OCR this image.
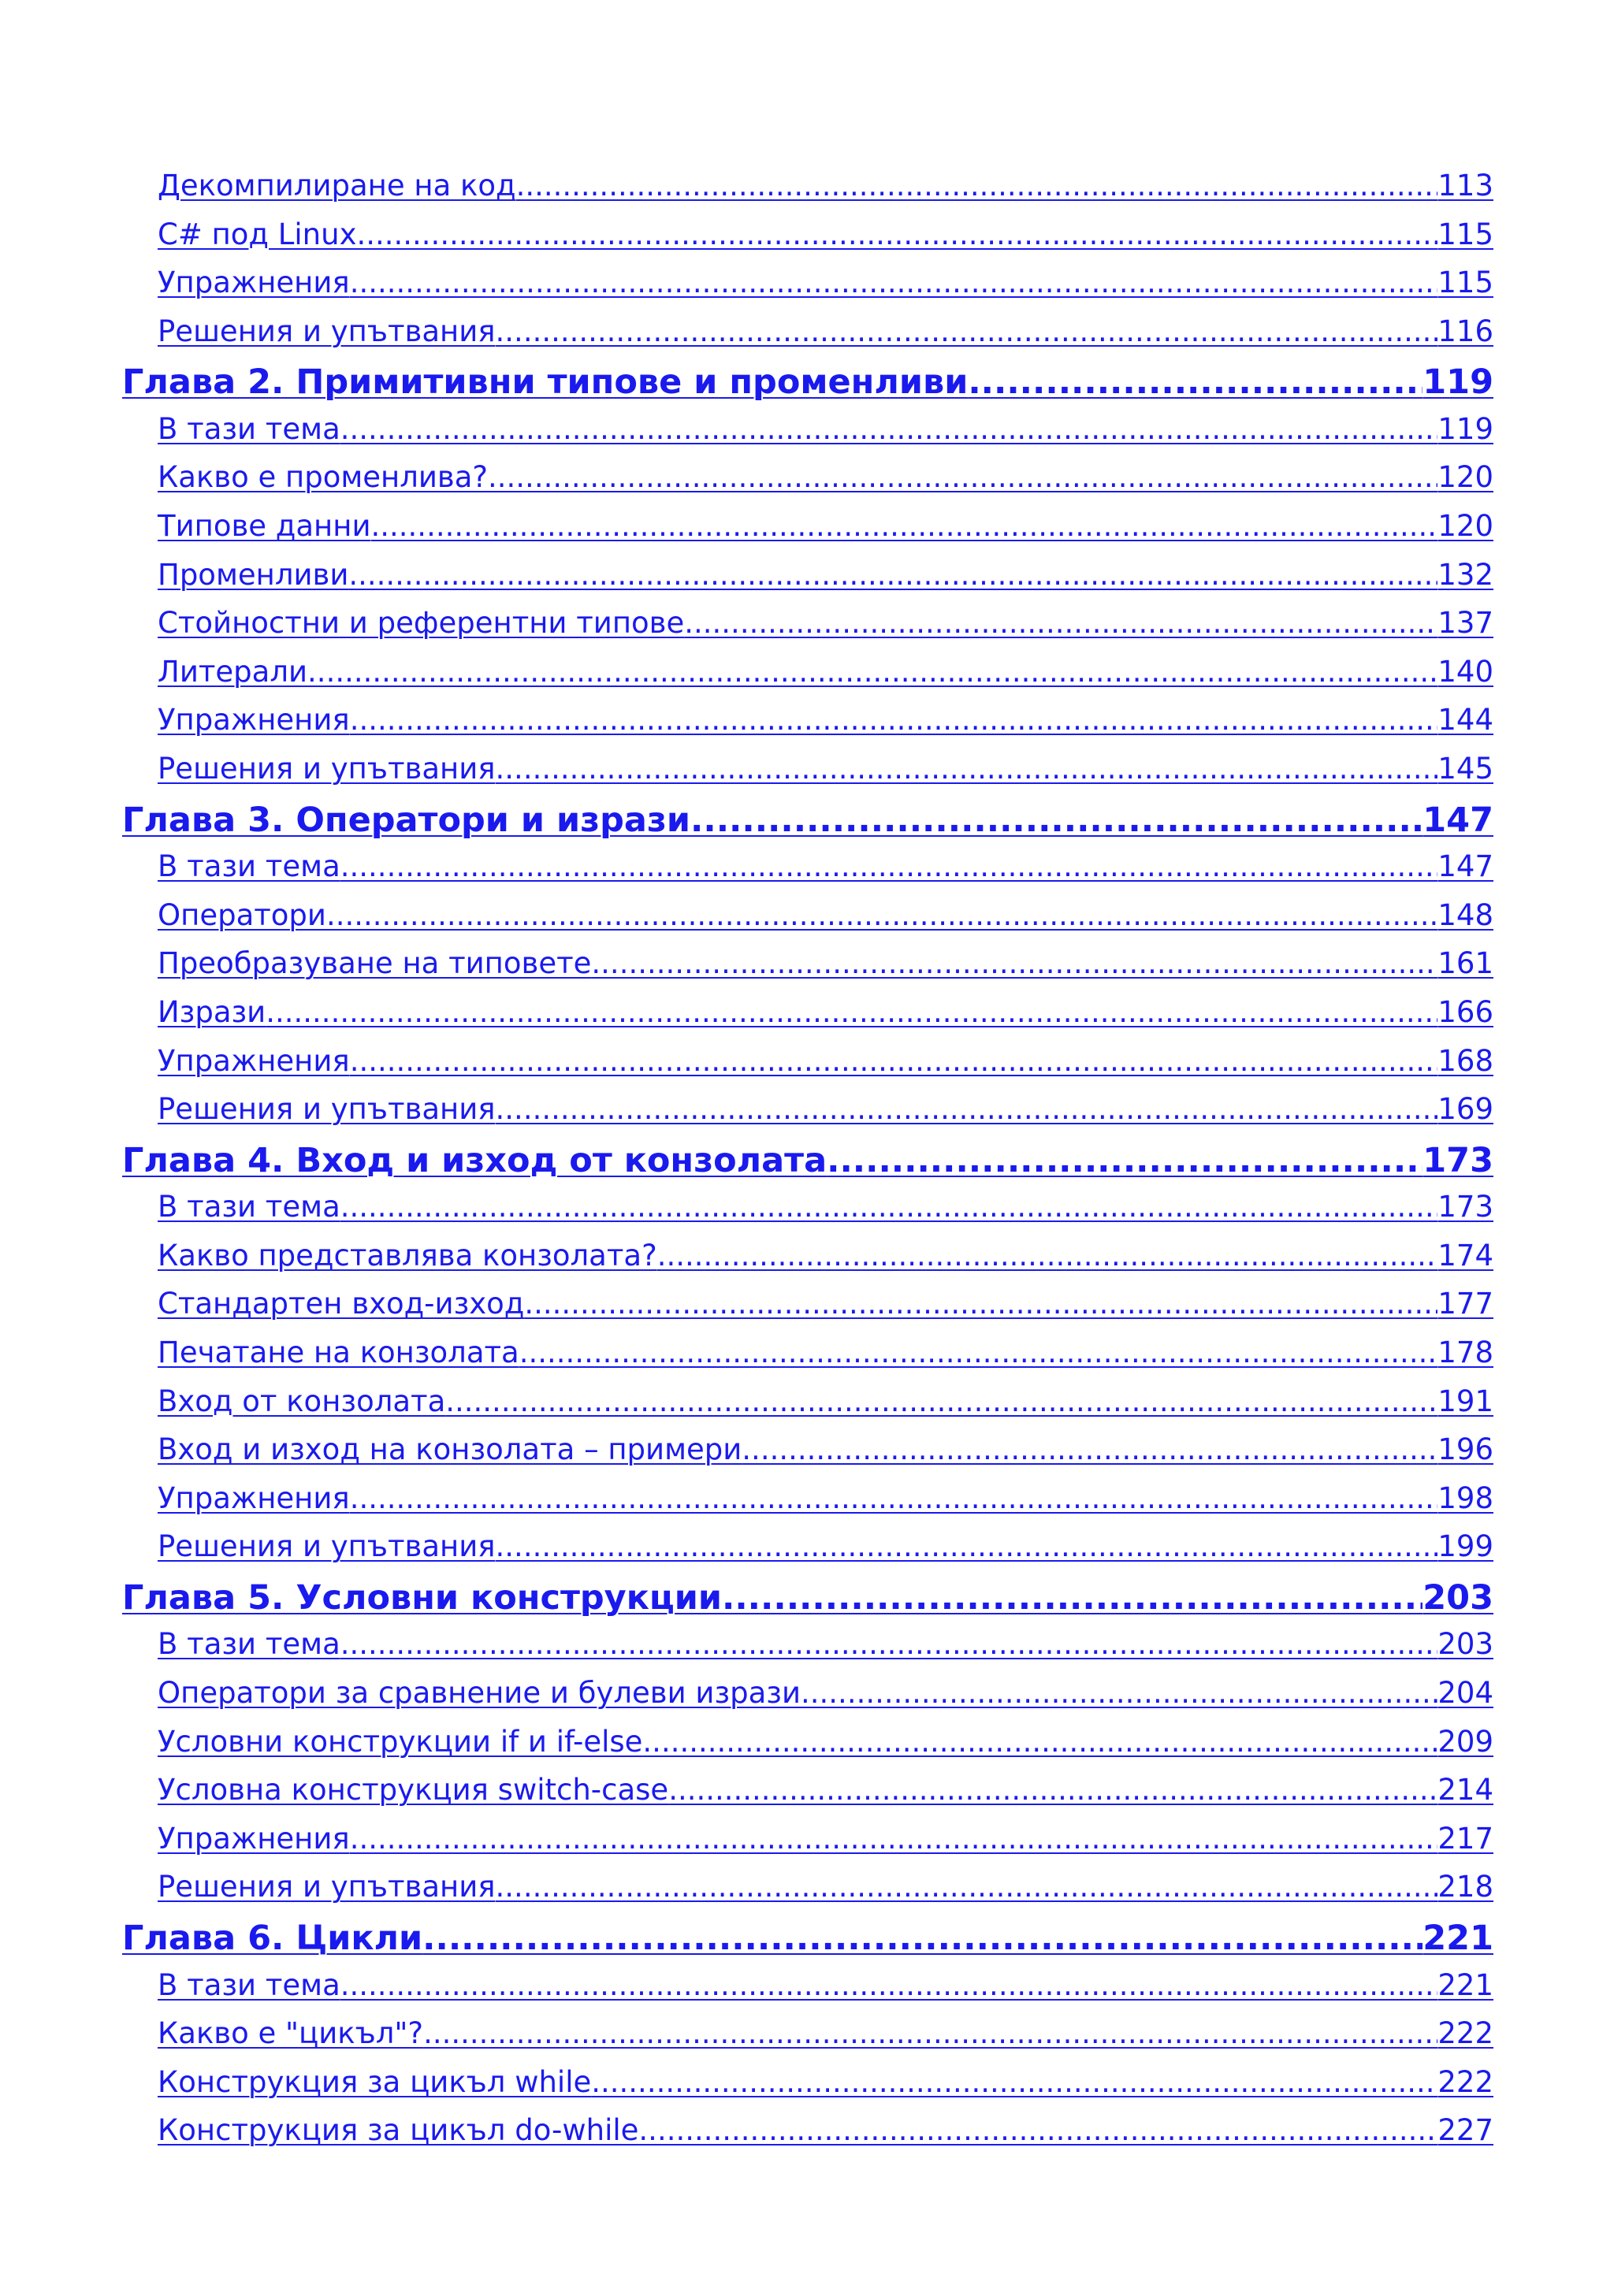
Декомпилиране на код .....	113
C# под Linux .....	115
Упражнения .....	115
Решения и упътвания .....	116
Глава 2. Примитивни типове и променливи .....	119
В тази тема .....	119
Какво е променлива? .....	120
Типове данни .....	120
Променливи .....	132
Стойностни и референтни типове .....	137
Литерали .....	140
Упражнения .....	144
Решения и упътвания .....	145
Глава 3. Оператори и изрази .....	147
В тази тема .....	147
Оператори .....	148
Преобразуване на типовете .....	161
Изрази .....	166
Упражнения .....	168
Решения и упътвания .....	169
Глава 4. Вход и изход от конзолата .....	173
В тази тема .....	173
Какво представлява конзолата? .....	174
Стандартен вход-изход .....	177
Печатане на конзолата .....	178
Вход от конзолата .....	191
Вход и изход на конзолата – примери .....	196
Упражнения .....	198
Решения и упътвания .....	199
Глава 5. Условни конструкции .....	203
В тази тема .....	203
Оператори за сравнение и булеви изрази .....	204
Условни конструкции if и if-else .....	209
Условна конструкция switch-case .....	214
Упражнения .....	217
Решения и упътвания .....	218
Глава 6. Цикли .....	221
В тази тема .....	221
Какво е "цикъл"? .....	222
Конструкция за цикъл while .....	222
Конструкция за цикъл do-while .....	227
